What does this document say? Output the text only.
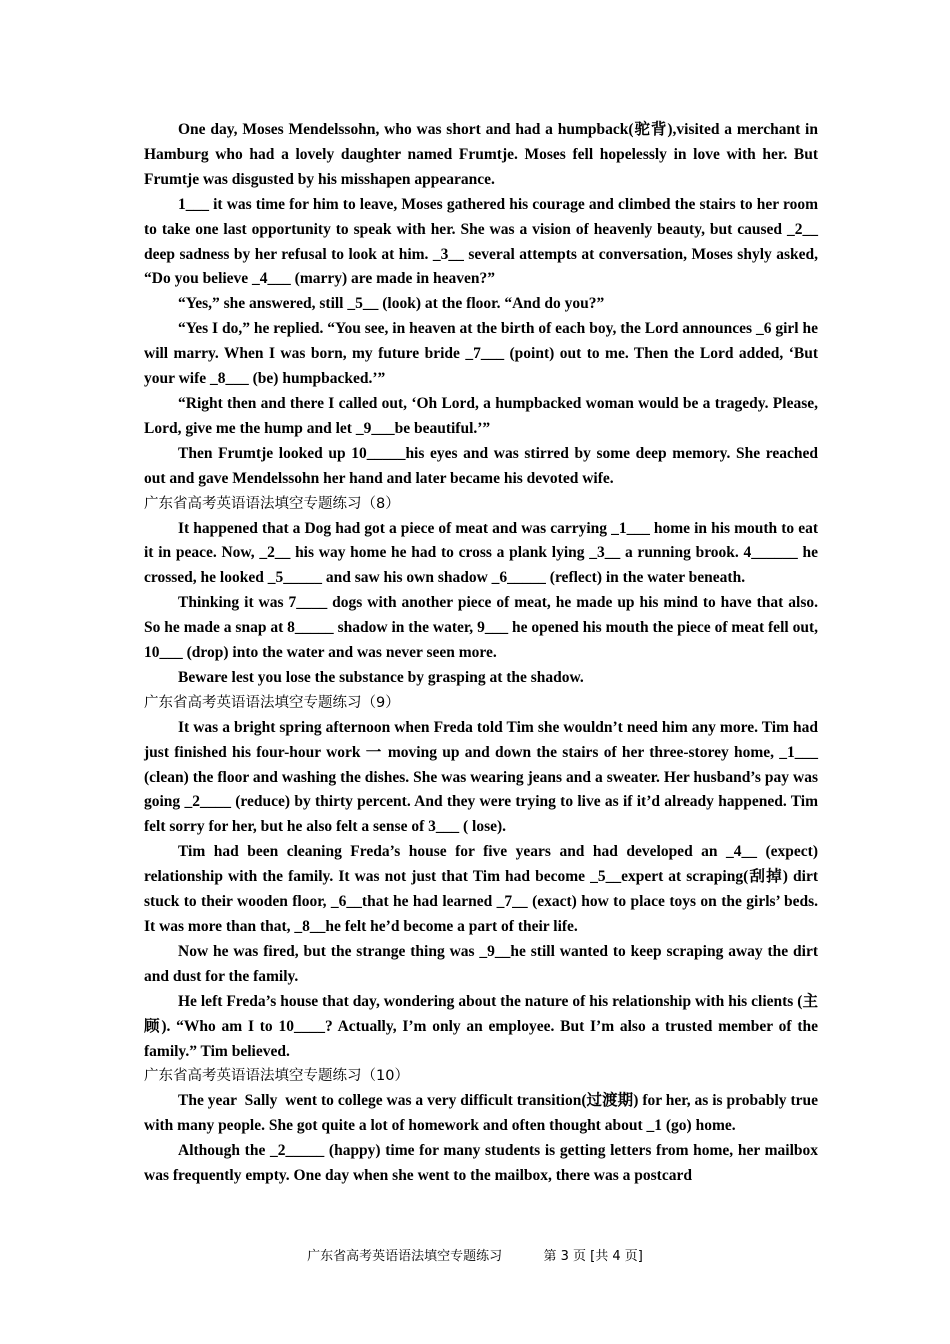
One day, Moses Mendelssohn, who was short and had a humpback(驼背),visited a merchant in Hamburg who had a lovely daughter named Frumtje. Moses fell hopelessly in love with her. But Frumtje was disgusted by his misshapen appearance.

1___ it was time for him to leave, Moses gathered his courage and climbed the stairs to her room to take one last opportunity to speak with her. She was a vision of heavenly beauty, but caused _2__ deep sadness by her refusal to look at him. _3__ several attempts at conversation, Moses shyly asked, “Do you believe _4___ (marry) are made in heaven?”

“Yes,” she answered, still _5__ (look) at the floor. “And do you?”

“Yes I do,” he replied. “You see, in heaven at the birth of each boy, the Lord announces _6 girl he will marry. When I was born, my future bride _7___ (point) out to me. Then the Lord added, ‘But your wife _8___ (be) humpbacked.’”

“Right then and there I called out, ‘Oh Lord, a humpbacked woman would be a tragedy. Please, Lord, give me the hump and let _9___be beautiful.’”

Then Frumtje looked up 10_____his eyes and was stirred by some deep memory. She reached out and gave Mendelssohn her hand and later became his devoted wife.

广东省高考英语语法填空专题练习（8）

It happened that a Dog had got a piece of meat and was carrying _1___ home in his mouth to eat it in peace. Now, _2__ his way home he had to cross a plank lying _3__ a running brook. 4______ he crossed, he looked _5_____ and saw his own shadow _6_____ (reflect) in the water beneath.

Thinking it was 7____ dogs with another piece of meat, he made up his mind to have that also. So he made a snap at 8_____ shadow in the water, 9___ he opened his mouth the piece of meat fell out, 10___ (drop) into the water and was never seen more.

Beware lest you lose the substance by grasping at the shadow.

广东省高考英语语法填空专题练习（9）

It was a bright spring afternoon when Freda told Tim she wouldn’t need him any more. Tim had just finished his four-hour work 一 moving up and down the stairs of her three-storey home, _1___ (clean) the floor and washing the dishes. She was wearing jeans and a sweater. Her husband’s pay was going _2____ (reduce) by thirty percent. And they were trying to live as if it’d already happened. Tim felt sorry for her, but he also felt a sense of 3___ ( lose).

Tim had been cleaning Freda’s house for five years and had developed an _4__ (expect) relationship with the family. It was not just that Tim had become _5__expert at scraping(刮掉) dirt stuck to their wooden floor, _6__that he had learned _7__ (exact) how to place toys on the girls’ beds. It was more than that, _8__he felt he’d become a part of their life.

Now he was fired, but the strange thing was _9__he still wanted to keep scraping away the dirt and dust for the family.

He left Freda’s house that day, wondering about the nature of his relationship with his clients (主顾). “Who am I to 10____? Actually, I’m only an employee. But I’m also a trusted member of the family.” Tim believed.

广东省高考英语语法填空专题练习（10）

The year  Sally  went to college was a very difficult transition(过渡期) for her, as is probably true with many people. She got quite a lot of homework and often thought about _1 (go) home.

Although the _2_____ (happy) time for many students is getting letters from home, her mailbox was frequently empty. One day when she went to the mailbox, there was a postcard

广东省高考英语语法填空专题练习	第 3 页 [共 4 页]
